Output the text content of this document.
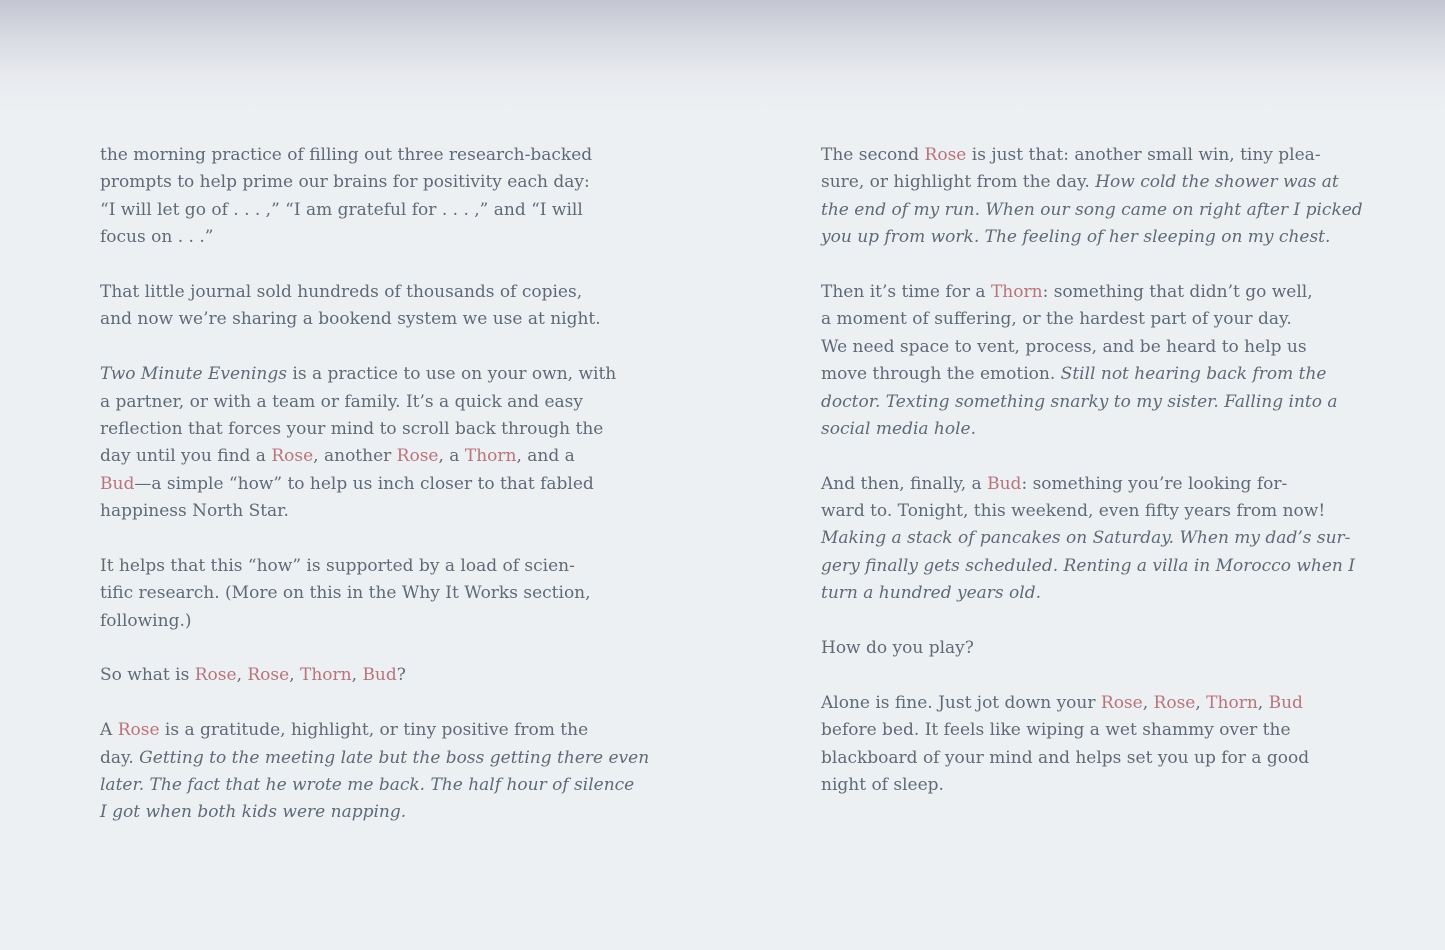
the morning practice of filling out three research-backed
prompts to help prime our brains for positivity each day:
“I will let go of . . . ,” “I am grateful for . . . ,” and “I will
focus on . . .”
That little journal sold hundreds of thousands of copies,
and now we’re sharing a bookend system we use at night.
Two Minute Evenings is a practice to use on your own, with
a partner, or with a team or family. It’s a quick and easy
reflection that forces your mind to scroll back through the
day until you find a Rose, another Rose, a Thorn, and a
Bud—a simple “how” to help us inch closer to that fabled
happiness North Star.
It helps that this “how” is supported by a load of scien-
tific research. (More on this in the Why It Works section,
following.)
So what is Rose, Rose, Thorn, Bud?
A Rose is a gratitude, highlight, or tiny positive from the
day. Getting to the meeting late but the boss getting there even
later. The fact that he wrote me back. The half hour of silence
I got when both kids were napping.
The second Rose is just that: another small win, tiny plea-
sure, or highlight from the day. How cold the shower was at
the end of my run. When our song came on right after I picked
you up from work. The feeling of her sleeping on my chest.
Then it’s time for a Thorn: something that didn’t go well,
a moment of suffering, or the hardest part of your day.
We need space to vent, process, and be heard to help us
move through the emotion. Still not hearing back from the
doctor. Texting something snarky to my sister. Falling into a
social media hole.
And then, finally, a Bud: something you’re looking for-
ward to. Tonight, this weekend, even fifty years from now!
Making a stack of pancakes on Saturday. When my dad’s sur-
gery finally gets scheduled. Renting a villa in Morocco when I
turn a hundred years old.
How do you play?
Alone is fine. Just jot down your Rose, Rose, Thorn, Bud
before bed. It feels like wiping a wet shammy over the
blackboard of your mind and helps set you up for a good
night of sleep.
